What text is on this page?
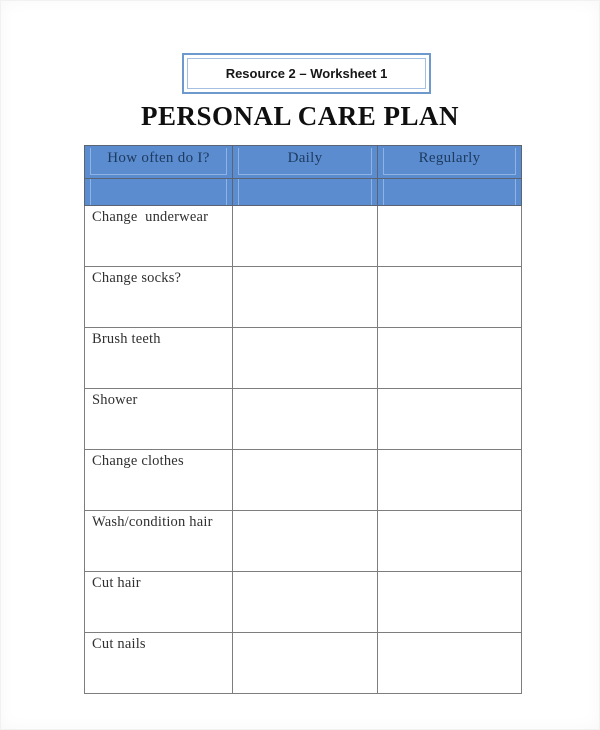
Resource 2 – Worksheet 1
PERSONAL CARE PLAN
How often do I?	Daily	Regularly

Change  underwear		
Change socks?		
Brush teeth		
Shower		
Change clothes		
Wash/condition hair		
Cut hair		
Cut nails		
